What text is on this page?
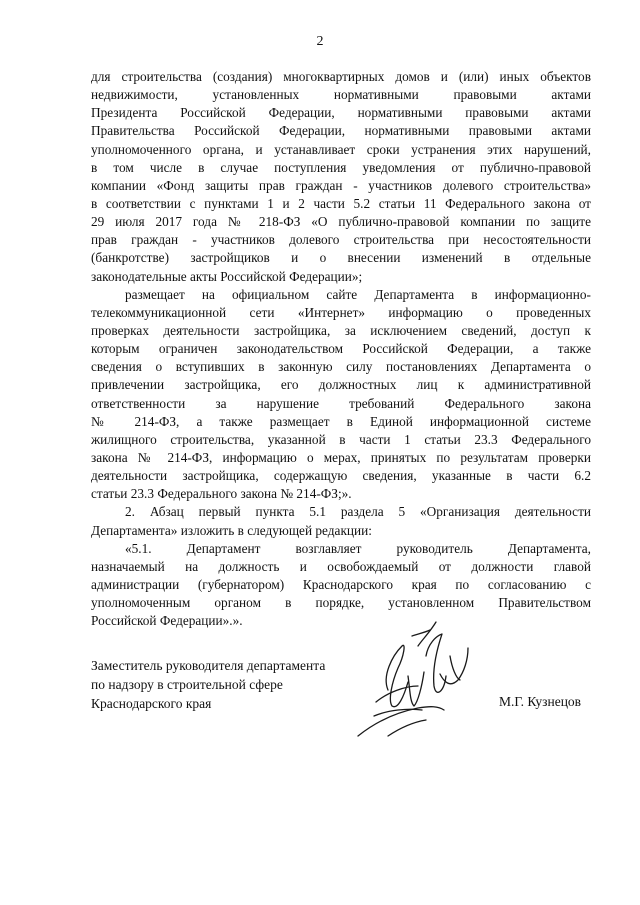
2
для строительства (создания) многоквартирных домов и (или) иных объектов
недвижимости, установленных нормативными правовыми актами
Президента Российской Федерации, нормативными правовыми актами
Правительства Российской Федерации, нормативными правовыми актами
уполномоченного органа, и устанавливает сроки устранения этих нарушений,
в том числе в случае поступления уведомления от публично-правовой
компании «Фонд защиты прав граждан - участников долевого строительства»
в соответствии с пунктами 1 и 2 части 5.2 статьи 11 Федерального закона от
29 июля 2017 года № 218-ФЗ «О публично-правовой компании по защите
прав граждан - участников долевого строительства при несостоятельности
(банкротстве) застройщиков и о внесении изменений в отдельные
законодательные акты Российской Федерации»;
размещает на официальном сайте Департамента в информационно-
телекоммуникационной сети «Интернет» информацию о проведенных
проверках деятельности застройщика, за исключением сведений, доступ к
которым ограничен законодательством Российской Федерации, а также
сведения о вступивших в законную силу постановлениях Департамента о
привлечении застройщика, его должностных лиц к административной
ответственности за нарушение требований Федерального закона
№ 214-ФЗ, а также размещает в Единой информационной системе
жилищного строительства, указанной в части 1 статьи 23.3 Федерального
закона № 214-ФЗ, информацию о мерах, принятых по результатам проверки
деятельности застройщика, содержащую сведения, указанные в части 6.2
статьи 23.3 Федерального закона № 214-ФЗ;».
2. Абзац первый пункта 5.1 раздела 5 «Организация деятельности
Департамента» изложить в следующей редакции:
«5.1. Департамент возглавляет руководитель Департамента,
назначаемый на должность и освобождаемый от должности главой
администрации (губернатором) Краснодарского края по согласованию с
уполномоченным органом в порядке, установленном Правительством
Российской Федерации».».
Заместитель руководителя департамента
по надзору в строительной сфере
Краснодарского края	М.Г. Кузнецов
